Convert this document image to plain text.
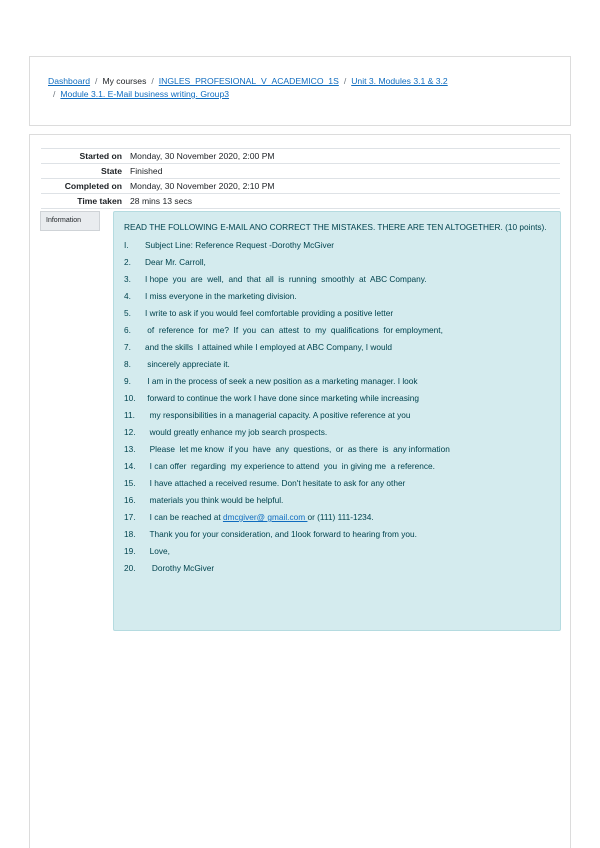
Dashboard / My courses / INGLES_PROFESIONAL_V_ACADEMICO_1S / Unit 3. Modules 3.1 & 3.2
/ Module 3.1. E-Mail business writing. Group3
Started on	Monday, 30 November 2020, 2:00 PM
State	Finished
Completed on	Monday, 30 November 2020, 2:10 PM
Time taken	28 mins 13 secs
Information
READ THE FOLLOWING E-MAIL ANO CORRECT THE MISTAKES. THERE ARE TEN ALTOGETHER. (10 points).
I. Subject Line: Reference Request -Dorothy McGiver
2. Dear Mr. Carroll,
3. I hope  you  are  well,  and  that  all  is  running  smoothly  at  ABC Company.
4. I miss everyone in the marketing division.
5. I write to ask if you would feel comfortable providing a positive letter
6. of  reference  for  me?  If  you  can  attest  to  my  qualifications  for employment,
7. and the skills  I attained while I employed at ABC Company, I would
8. sincerely appreciate it.
9. I am in the process of seek a new position as a marketing manager. I look
10. forward to continue the work I have done since marketing while increasing
11.  my responsibilities in a managerial capacity. A positive reference at you
12.  would greatly enhance my job search prospects.
13.  Please  let me know  if you  have  any  questions,  or  as there  is  any information
14.  I can offer  regarding  my experience to attend  you  in giving me  a reference.
15.  I have attached a received resume. Don't hesitate to ask for any other
16.  materials you think would be helpful.
17.  I can be reached at dmcgiver@ gmail.com or (111) 111-1234.
18.  Thank you for your consideration, and 1look forward to hearing from you.
19.  Love,
20.   Dorothy McGiver
